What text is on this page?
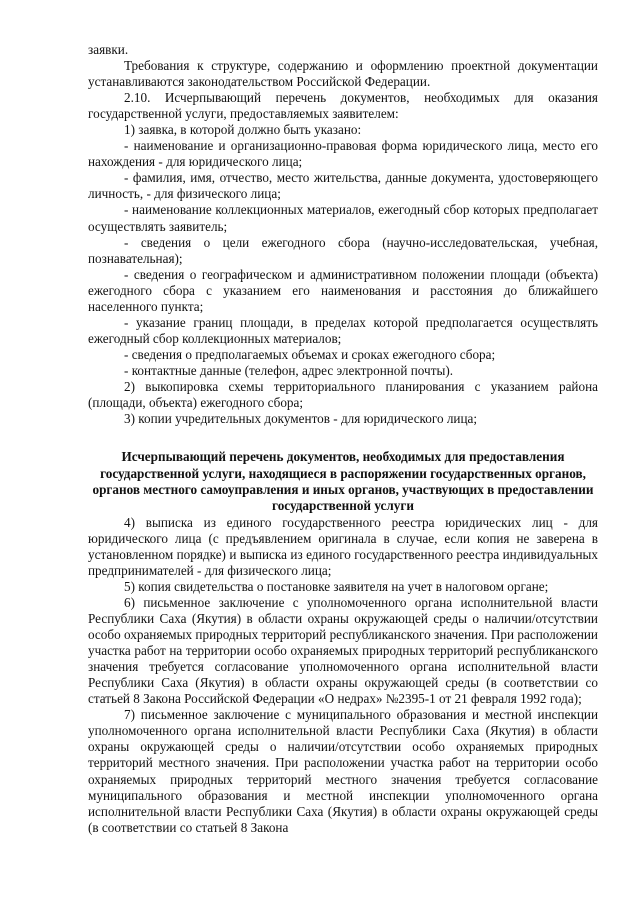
заявки.

Требования к структуре, содержанию и оформлению проектной документации устанавливаются законодательством Российской Федерации.

2.10. Исчерпывающий перечень документов, необходимых для оказания государственной услуги, предоставляемых заявителем:

1) заявка, в которой должно быть указано:

- наименование и организационно-правовая форма юридического лица, место его нахождения - для юридического лица;

- фамилия, имя, отчество, место жительства, данные документа, удостоверяющего личность, - для физического лица;

- наименование коллекционных материалов, ежегодный сбор которых предполагает осуществлять заявитель;

- сведения о цели ежегодного сбора (научно-исследовательская, учебная, познавательная);

- сведения о географическом и административном положении площади (объекта) ежегодного сбора с указанием его наименования и расстояния до ближайшего населенного пункта;

- указание границ площади, в пределах которой предполагается осуществлять ежегодный сбор коллекционных материалов;

- сведения о предполагаемых объемах и сроках ежегодного сбора;

- контактные данные (телефон, адрес электронной почты).

2) выкопировка схемы территориального планирования с указанием района (площади, объекта) ежегодного сбора;

3) копии учредительных документов - для юридического лица;

Исчерпывающий перечень документов, необходимых для предоставления государственной услуги, находящиеся в распоряжении государственных органов, органов местного самоуправления и иных органов, участвующих в предоставлении государственной услуги

4) выписка из единого государственного реестра юридических лиц - для юридического лица (с предъявлением оригинала в случае, если копия не заверена в установленном порядке) и выписка из единого государственного реестра индивидуальных предпринимателей - для физического лица;

5) копия свидетельства о постановке заявителя на учет в налоговом органе;

6) письменное заключение с уполномоченного органа исполнительной власти Республики Саха (Якутия) в области охраны окружающей среды о наличии/отсутствии особо охраняемых природных территорий республиканского значения. При расположении участка работ на территории особо охраняемых природных территорий республиканского значения требуется согласование уполномоченного органа исполнительной власти Республики Саха (Якутия) в области охраны окружающей среды (в соответствии со статьей 8 Закона Российской Федерации «О недрах» №2395-1 от 21 февраля 1992 года);

7) письменное заключение с муниципального образования и местной инспекции уполномоченного органа исполнительной власти Республики Саха (Якутия) в области охраны окружающей среды о наличии/отсутствии особо охраняемых природных территорий местного значения. При расположении участка работ на территории особо охраняемых природных территорий местного значения требуется согласование муниципального образования и местной инспекции уполномоченного органа исполнительной власти Республики Саха (Якутия) в области охраны окружающей среды (в соответствии со статьей 8 Закона
